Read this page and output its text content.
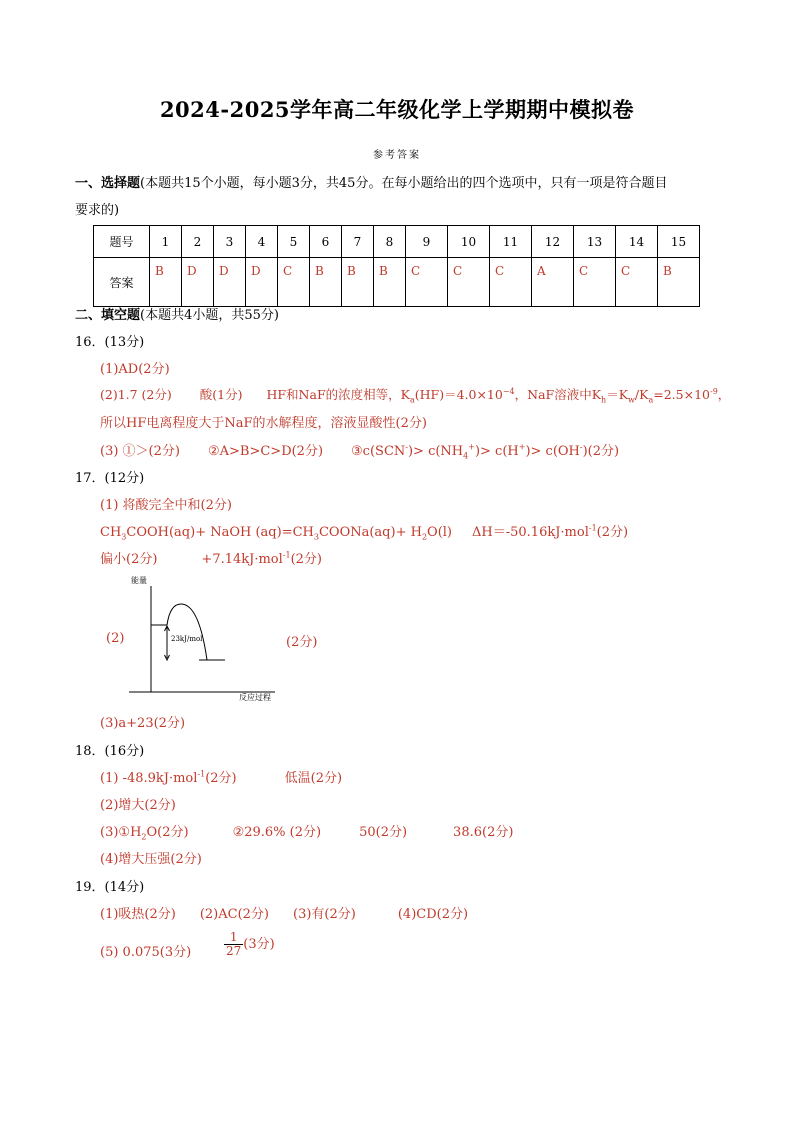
2024-2025学年高二年级化学上学期期中模拟卷
参考答案
一、选择题(本题共15个小题，每小题3分，共45分。在每小题给出的四个选项中，只有一项是符合题目
要求的)
题号	1	2	3	4	5	6	7	8	9	10	11	12	13	14	15
答案	B	D	D	D	C	B	B	B	C	C	C	A	C	C	B
二、填空题(本题共4小题，共55分)
16．(13分)
(1)AD(2分)
(2)1.7 (2分) 酸(1分) HF和NaF的浓度相等，$K_a(HF)=4.0\times 10^{-4}$，NaF溶液中$K_h=K_w/K_a=2.5\times 10^{-9}$，
所以HF电离程度大于NaF的水解程度，溶液显酸性(2分)
(3) ①＞(2分) ②A>B>C>D(2分) ③c(SCN-)> $c(NH_4^+)> c(H^+)> c(OH^-)(2$分)
17．(12分)
(1) 将酸完全中和(2分)
$CH_3COOH(aq)+$ NaOH $(aq)=CH_3COONa(aq)+ H_2O(l)$ ΔH＝-50.16kJ·mol$^{-1}$(2分)
偏小(2分)	+7.14kJ·mol$^{-1}$(2分)
(2)	(2分)
能量
23kJ/mol
反应过程
(3)a+23(2分)
18．(16分)
(1) -48.9kJ·mol$^{-1}$(2分)	低温(2分)
(2)增大(2分)
$(3)①H_2O(2$分)	②29.6% (2分)	50(2分)	38.6(2分)
(4)增大压强(2分)
19．(14分)
(1)吸热(2分) (2)AC(2分) (3)有(2分)	(4)CD(2分)
(5) 0.075(3分)	$\frac{1}{27} (3$分)
